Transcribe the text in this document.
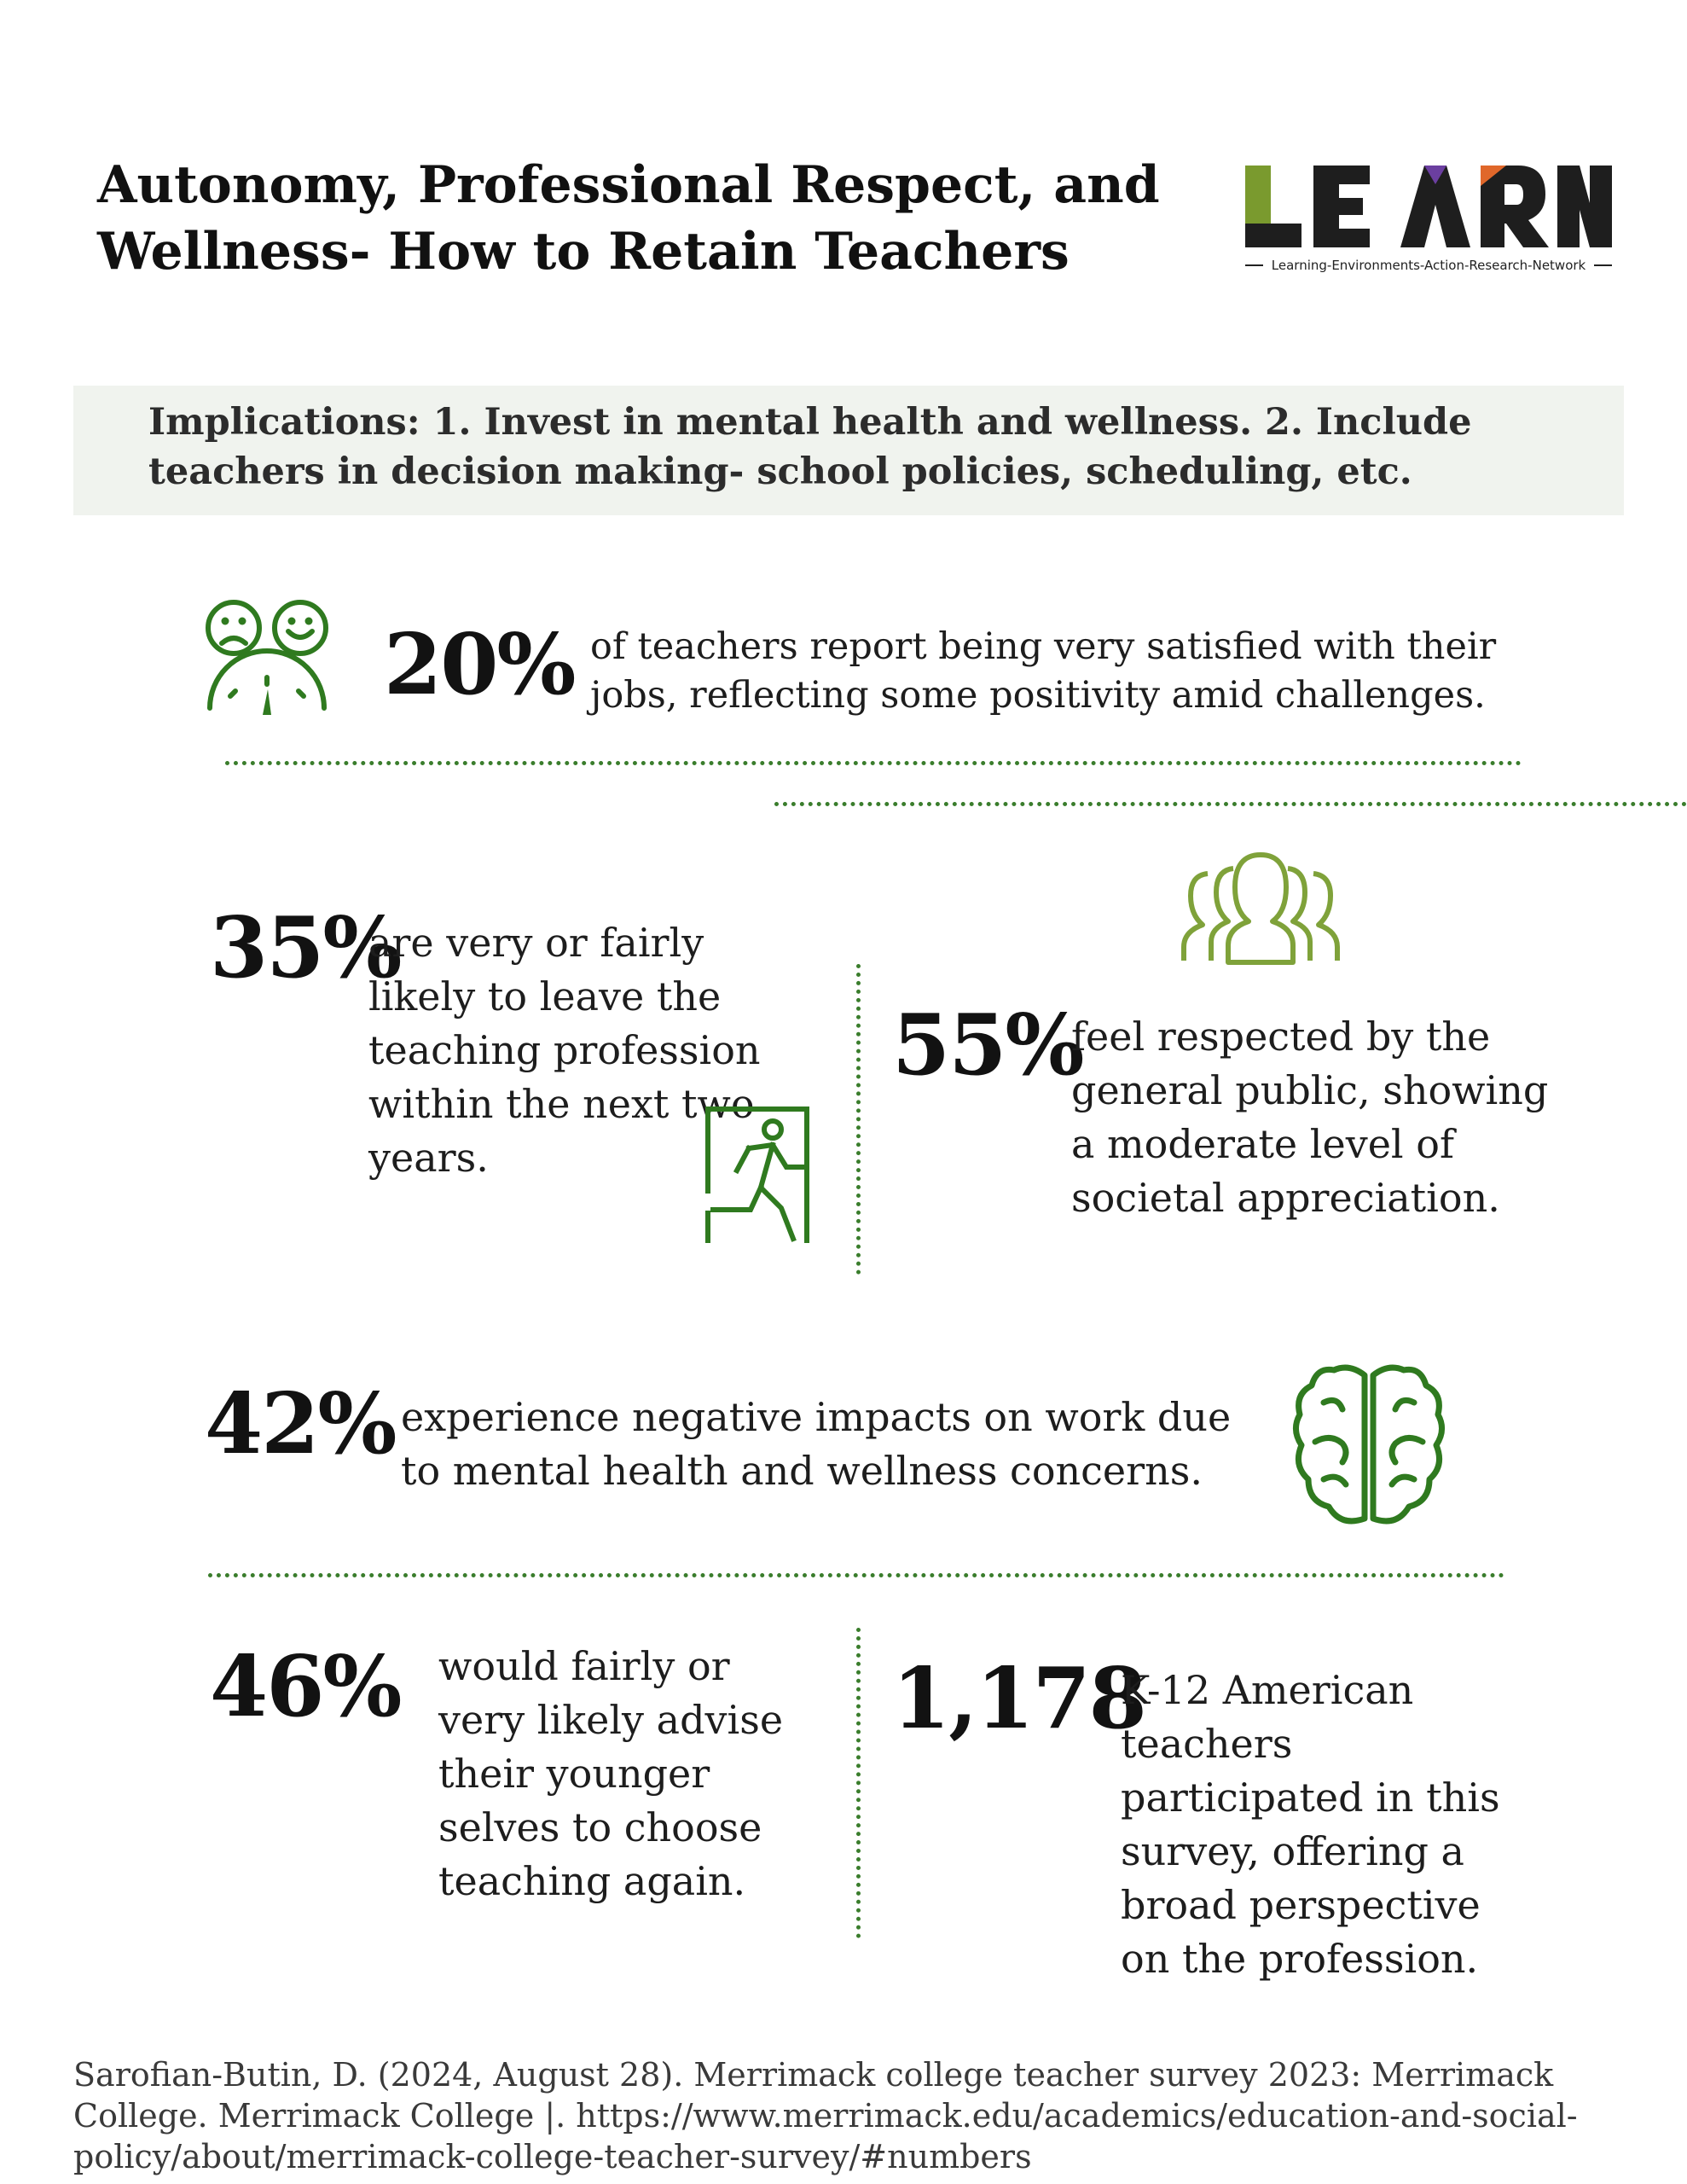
Autonomy, Professional Respect, and Wellness- How to Retain Teachers	Learning-Environments-Action-Research-Network
Implications: 1. Invest in mental health and wellness. 2. Include teachers in decision making- school policies, scheduling, etc.
20% of teachers report being very satisfied with their jobs, reflecting some positivity amid challenges.
35%
are very or fairly likely to leave the teaching profession within the next two years.
55%
feel respected by the general public, showing a moderate level of societal appreciation.
42% experience negative impacts on work due to mental health and wellness concerns.
46% would fairly or very likely advise their younger selves to choose teaching again.
1,178
K-12 American teachers participated in this survey, offering a broad perspective on the profession.
Sarofian-Butin, D. (2024, August 28). Merrimack college teacher survey 2023: Merrimack College. Merrimack College |. https://www.merrimack.edu/academics/education-and-social-policy/about/merrimack-college-teacher-survey/#numbers
